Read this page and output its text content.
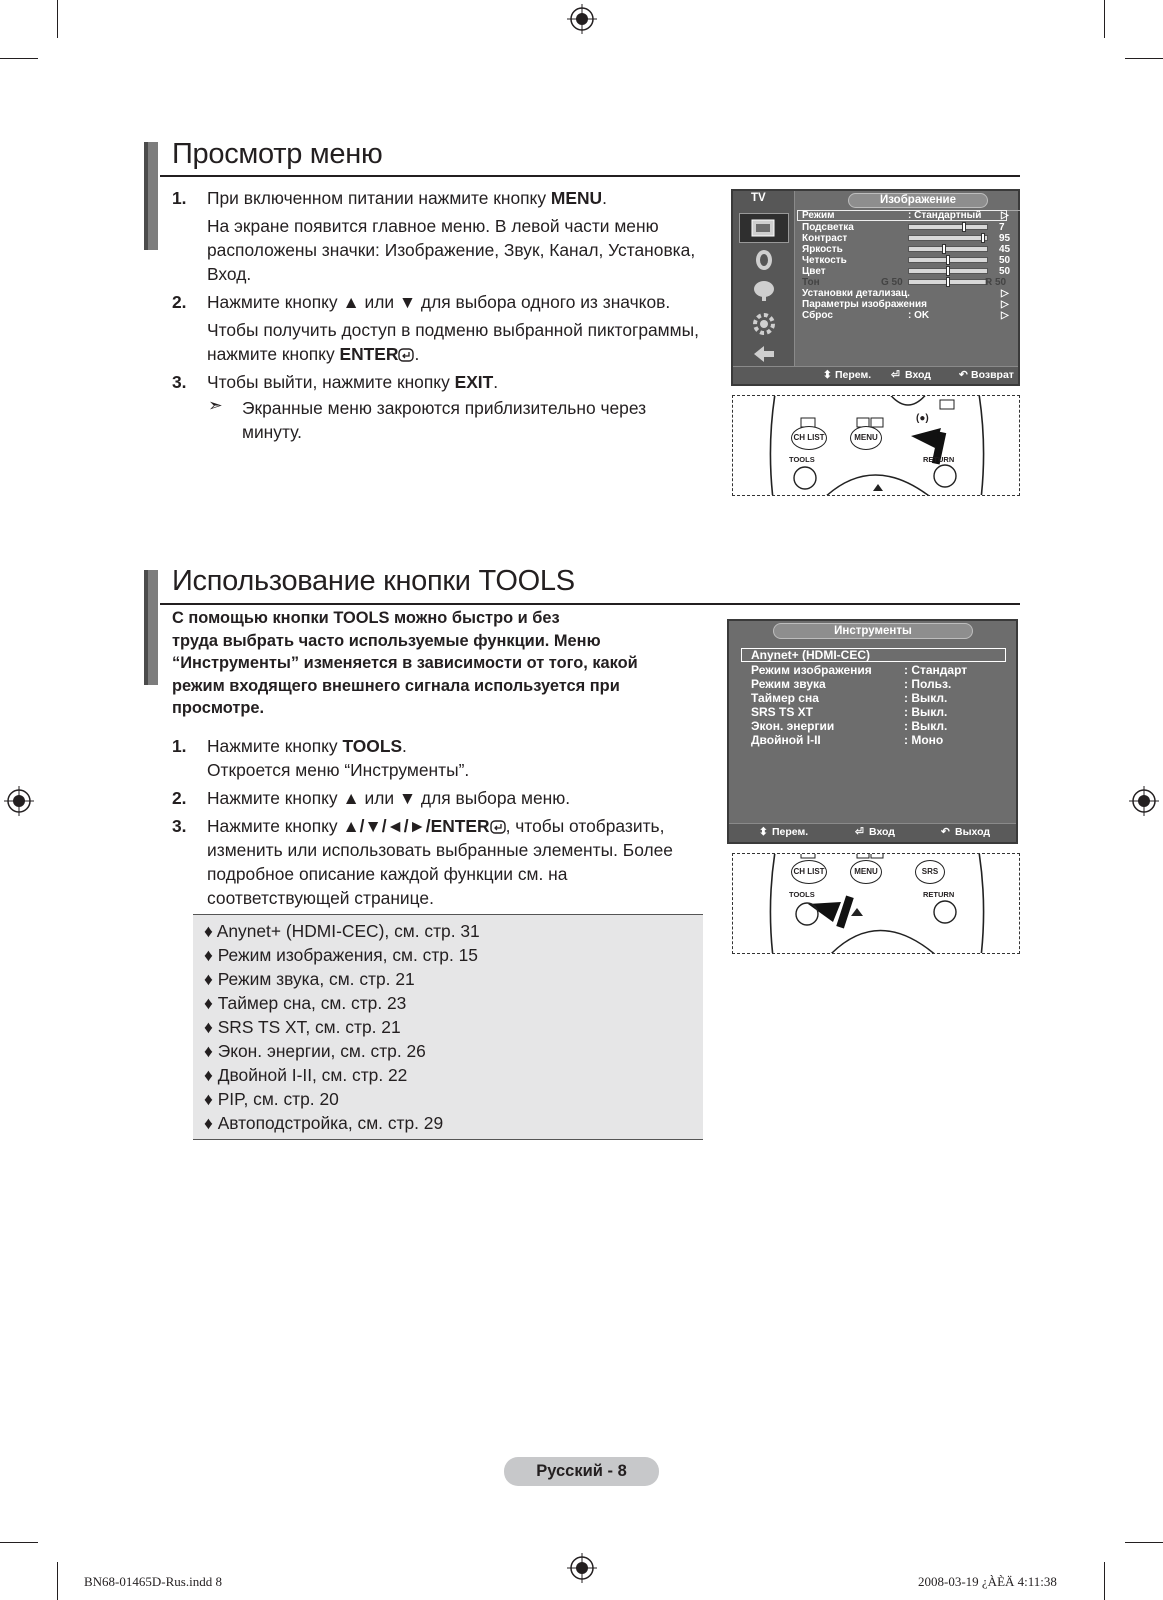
Просмотр меню
1. При включенном питании нажмите кнопку MENU.

На экране появится главное меню. В левой части меню

расположены значки: Изображение, Звук, Канал, Установка,

Вход.

2. Нажмите кнопку ▲ или ▼ для выбора одного из значков.

Чтобы получить доступ в подменю выбранной пиктограммы,

нажмите кнопку ENTER .

3. Чтобы выйти, нажмите кнопку EXIT.

➣ Экранные меню закроются приблизительно через

минуту.

TV	Изображение
Режим	: Стандартный ▷
Подсветка	7
Контраст	95
Яркость	45
Четкость	50
Цвет	50
Тон	G 50	R 50
Установки детализац.	▷
Параметры изображения	▷
Сброс	: OK	▷
⬍ Перем. ⏎ Вход	↶ Возврат
(●)
CH LIST	MENU
TOOLS	RETURN
Использование кнопки TOOLS

С помощью кнопки TOOLS можно быстро и без

труда выбрать часто используемые функции. Меню

“Инструменты” изменяется в зависимости от того, какой

режим входящего внешнего сигнала используется при

просмотре.

1. Нажмите кнопку TOOLS.

Откроется меню “Инструменты”.

2. Нажмите кнопку ▲ или ▼ для выбора меню.

3. Нажмите кнопку ▲/▼/◄/►/ENTER , чтобы отобразить,

изменить или использовать выбранные элементы. Более

подробное описание каждой функции см. на

соответствующей странице.

Инструменты
Anynet+ (HDMI-CEC)
Режим изображения	: Стандарт
Режим звука	: Польз.
Таймер сна	: Выкл.
SRS TS XT	: Выкл.
Экон. энергии	: Выкл.
Двойной I-II	: Моно
⬍ Перем.	⏎ Вход	↶ Выход
CH LIST	MENU	SRS
TOOLS	RETURN
♦ Anynet+ (HDMI-CEC), см. стр. 31
♦ Режим изображения, см. стр. 15
♦ Режим звука, см. стр. 21
♦ Таймер сна, см. стр. 23
♦ SRS TS XT, см. стр. 21
♦ Экон. энергии, см. стр. 26
♦ Двойной I-II, см. стр. 22
♦ PIP, см. стр. 20
♦ Автоподстройка, см. стр. 29
Русский - 8
BN68-01465D-Rus.indd 8	2008-03-19 ¿ÀÈÄ 4:11:38
